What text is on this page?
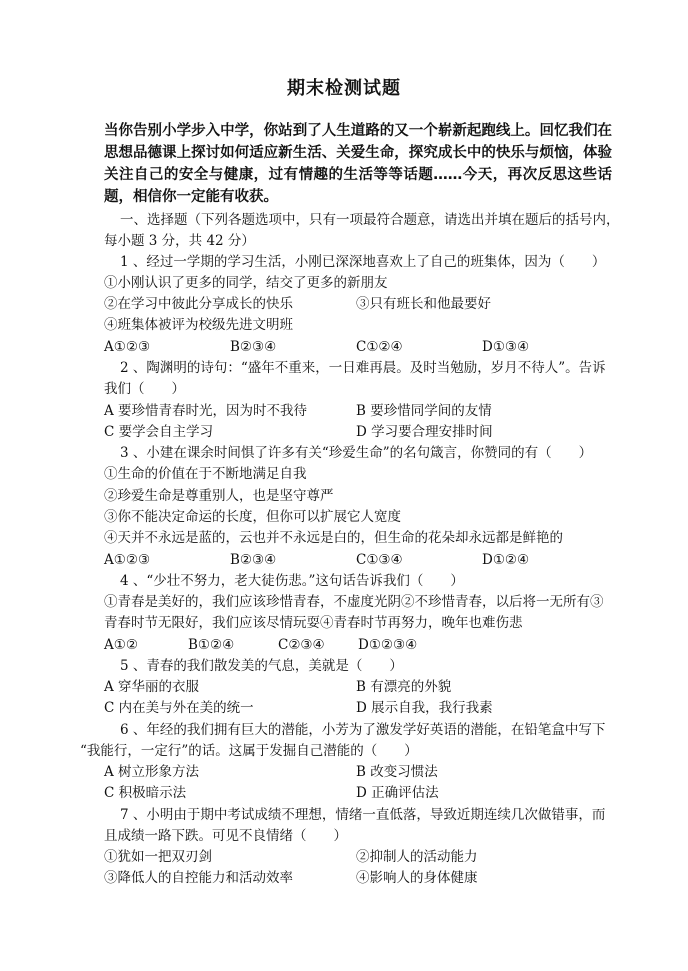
期末检测试题
当你告别小学步入中学，你站到了人生道路的又一个崭新起跑线上。回忆我们在思想品德课上探讨如何适应新生活、关爱生命，探究成长中的快乐与烦恼，体验关注自己的安全与健康，过有情趣的生活等等话题……今天，再次反思这些话题，相信你一定能有收获。
一、选择题（下列各题选项中，只有一项最符合题意，请选出并填在题后的括号内，
每小题 3 分，共 42 分）
1 、经过一学期的学习生活，小刚已深深地喜欢上了自己的班集体，因为（　　）
①小刚认识了更多的同学，结交了更多的新朋友
②在学习中彼此分享成长的快乐	③只有班长和他最要好
④班集体被评为校级先进文明班
A①②③	B②③④	C①②④	D①③④
2 、陶渊明的诗句：“盛年不重来，一日难再晨。及时当勉励，岁月不待人”。告诉
我们（　　）
A 要珍惜青春时光，因为时不我待	B 要珍惜同学间的友情
C 要学会自主学习	D 学习要合理安排时间
3 、小建在课余时间惧了许多有关“珍爱生命”的名句箴言，你赞同的有（　　）
①生命的价值在于不断地满足自我
②珍爱生命是尊重别人，也是坚守尊严
③你不能决定命运的长度，但你可以扩展它人宽度
④天并不永远是蓝的，云也并不永远是白的，但生命的花朵却永远都是鲜艳的
A①②③	B②③④	C①③④	D①②④
4 、“少壮不努力，老大徒伤悲。”这句话告诉我们（　　）
①青春是美好的，我们应该珍惜青春，不虚度光阴②不珍惜青春，以后将一无所有③
青春时节无限好，我们应该尽情玩耍④青春时节再努力，晚年也难伤悲
A①②	B①②④	C②③④ D①②③④
5 、青春的我们散发美的气息，美就是（　　）
A 穿华丽的衣服	B 有漂亮的外貌
C 内在美与外在美的统一	D 展示自我，我行我素
6 、年经的我们拥有巨大的潜能，小芳为了激发学好英语的潜能，在铅笔盒中写下
“我能行，一定行”的话。这属于发掘自己潜能的（　　）
A 树立形象方法	B 改变习惯法
C 积极暗示法	D 正确评估法
7 、小明由于期中考试成绩不理想，情绪一直低落，导致近期连续几次做错事，而
且成绩一路下跌。可见不良情绪（　　）
①犹如一把双刃剑	②抑制人的活动能力
③降低人的自控能力和活动效率	④影响人的身体健康
